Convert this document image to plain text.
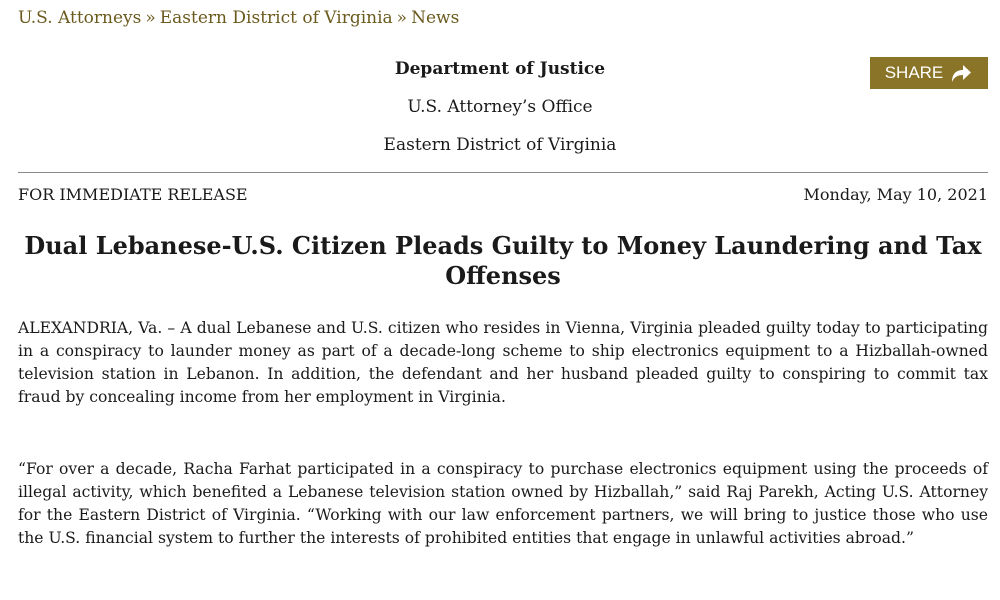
U.S. Attorneys » Eastern District of Virginia » News
Department of Justice
U.S. Attorney’s Office
Eastern District of Virginia
SHARE
FOR IMMEDIATE RELEASE	Monday, May 10, 2021
Dual Lebanese-U.S. Citizen Pleads Guilty to Money Laundering and Tax Offenses

ALEXANDRIA, Va. – A dual Lebanese and U.S. citizen who resides in Vienna, Virginia pleaded guilty today to participating in a conspiracy to launder money as part of a decade-long scheme to ship electronics equipment to a Hizballah-owned television station in Lebanon. In addition, the defendant and her husband pleaded guilty to conspiring to commit tax fraud by concealing income from her employment in Virginia.

“For over a decade, Racha Farhat participated in a conspiracy to purchase electronics equipment using the proceeds of illegal activity, which benefited a Lebanese television station owned by Hizballah,” said Raj Parekh, Acting U.S. Attorney for the Eastern District of Virginia. “Working with our law enforcement partners, we will bring to justice those who use the U.S. financial system to further the interests of prohibited entities that engage in unlawful activities abroad.”
